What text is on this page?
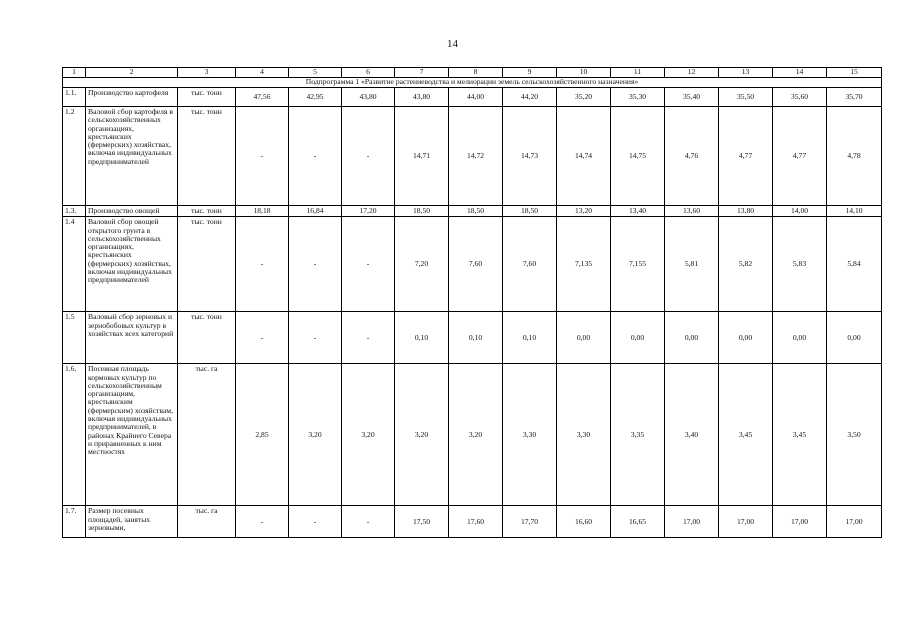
14
1	2	3	4	5	6	7	8	9	10	11	12	13	14	15
Подпрограмма 1 «Развитие растениеводства и мелиорации земель сельскохозяйственного назначения»														
1.1.	Производство картофеля	тыс. тонн	47,56	42,95	43,80	43,80	44,00	44,20	35,20	35,30	35,40	35,50	35,60	35,70
1.2	Валовой сбор картофеля в сельскохозяйственных организациях, крестьянских (фермерских) хозяйствах, включая индивидуальных предпринимателей	тыс. тонн	-	-	-	14,71	14,72	14,73	14,74	14,75	4,76	4,77	4,77	4,78
1.3.	Производство овощей	тыс. тонн	18,18	16,84	17,20	18,50	18,50	18,50	13,20	13,40	13,60	13,80	14,00	14,10
1.4	Валовой сбор овощей открытого грунта в сельскохозяйственных организациях, крестьянских (фермерских) хозяйствах, включая индивидуальных предпринимателей	тыс. тонн	-	-	-	7,20	7,60	7,60	7,135	7,155	5,81	5,82	5,83	5,84
1.5	Валовый сбор зерновых и зернобобовых культур в хозяйствах всех категорий	тыс. тонн	-	-	-	0,10	0,10	0,10	0,00	0,00	0,00	0,00	0,00	0,00
1.6.	Посевная площадь кормовых культур по сельскохозяйственным организациям, крестьянским (фермерским) хозяйствам, включая индивидуальных предпринимателей, в районах Крайнего Севера и приравненных к ним местностях	тыс. га	2,85	3,20	3,20	3,20	3,20	3,30	3,30	3,35	3,40	3,45	3,45	3,50
1.7.	Размер посевных площадей, занятых зерновыми,	тыс. га	-	-	-	17,50	17,60	17,70	16,60	16,65	17,00	17,00	17,00	17,00
